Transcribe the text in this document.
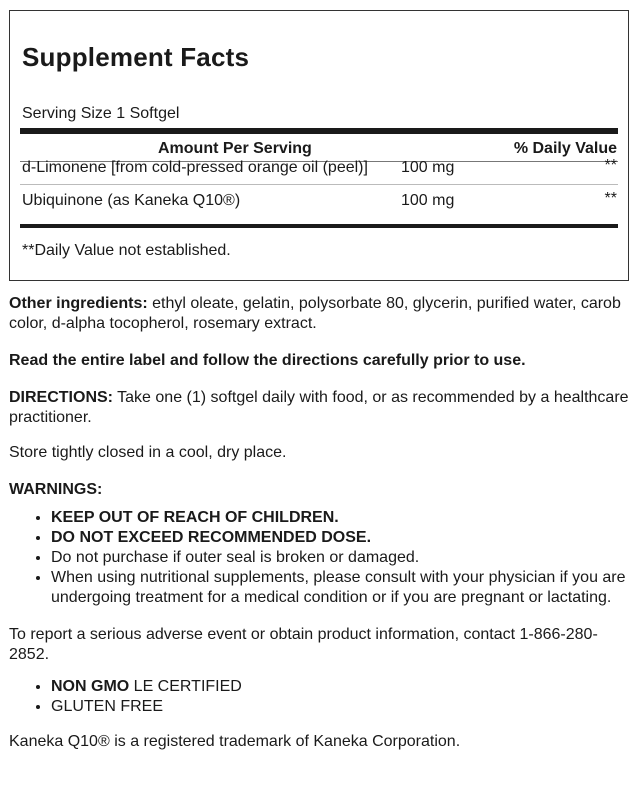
Supplement Facts
Serving Size 1 Softgel
Amount Per Serving	% Daily Value
d-Limonene [from cold-pressed orange oil (peel)] 100 mg	**
Ubiquinone (as Kaneka Q10®)	100 mg	**
**Daily Value not established.

Other ingredients: ethyl oleate, gelatin, polysorbate 80, glycerin, purified water, carob color, d-alpha tocopherol, rosemary extract.

Read the entire label and follow the directions carefully prior to use.

DIRECTIONS: Take one (1) softgel daily with food, or as recommended by a healthcare practitioner.

Store tightly closed in a cool, dry place.

WARNINGS:

• KEEP OUT OF REACH OF CHILDREN.
• DO NOT EXCEED RECOMMENDED DOSE.
• Do not purchase if outer seal is broken or damaged.
• When using nutritional supplements, please consult with your physician if you are undergoing treatment for a medical condition or if you are pregnant or lactating.

To report a serious adverse event or obtain product information, contact 1-866-280-2852.

• NON GMO LE CERTIFIED
• GLUTEN FREE

Kaneka Q10® is a registered trademark of Kaneka Corporation.
